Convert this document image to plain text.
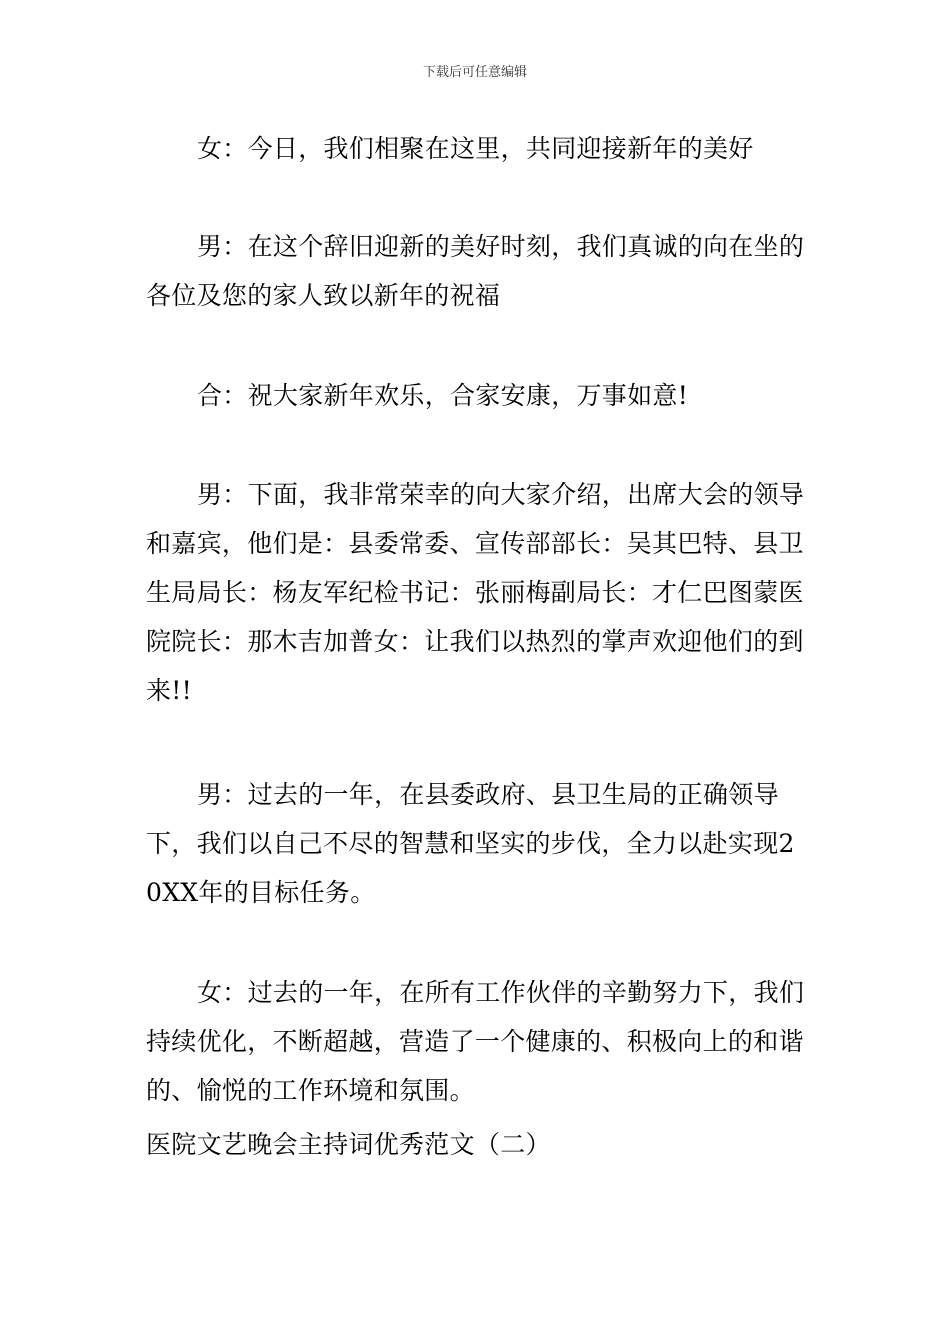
下载后可任意编辑
女：今日，我们相聚在这里，共同迎接新年的美好
男：在这个辞旧迎新的美好时刻，我们真诚的向在坐的各位及您的家人致以新年的祝福
合：祝大家新年欢乐，合家安康，万事如意!
男：下面，我非常荣幸的向大家介绍，出席大会的领导和嘉宾，他们是：县委常委、宣传部部长：吴其巴特、县卫生局局长：杨友军纪检书记：张丽梅副局长：才仁巴图蒙医院院长：那木吉加普女：让我们以热烈的掌声欢迎他们的到来!!
男：过去的一年，在县委政府、县卫生局的正确领导下，我们以自己不尽的智慧和坚实的步伐，全力以赴实现20XX年的目标任务。
女：过去的一年，在所有工作伙伴的辛勤努力下，我们持续优化，不断超越，营造了一个健康的、积极向上的和谐的、愉悦的工作环境和氛围。
医院文艺晚会主持词优秀范文（二）
